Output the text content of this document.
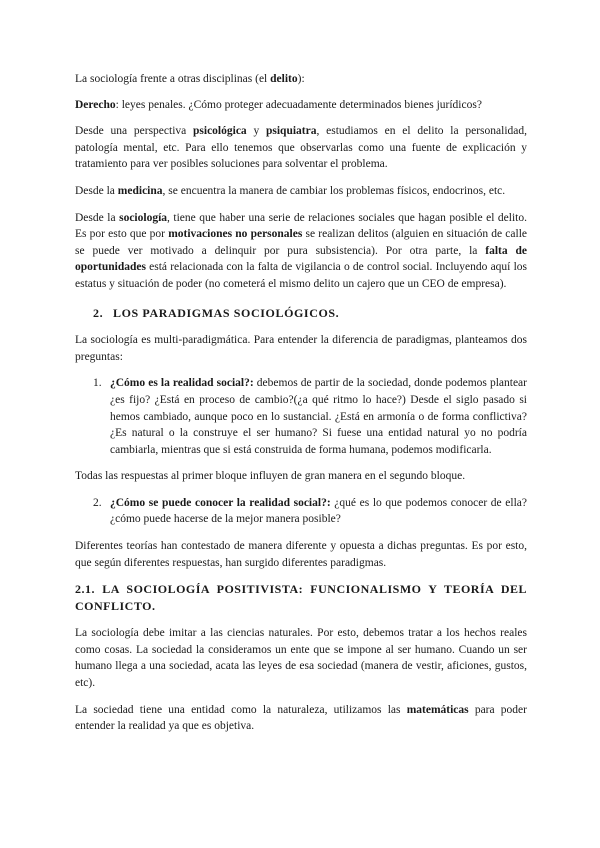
La sociología frente a otras disciplinas (el delito):

Derecho: leyes penales. ¿Cómo proteger adecuadamente determinados bienes jurídicos?

Desde una perspectiva psicológica y psiquiatra, estudiamos en el delito la personalidad, patología mental, etc. Para ello tenemos que observarlas como una fuente de explicación y tratamiento para ver posibles soluciones para solventar el problema.

Desde la medicina, se encuentra la manera de cambiar los problemas físicos, endocrinos, etc.

Desde la sociología, tiene que haber una serie de relaciones sociales que hagan posible el delito. Es por esto que por motivaciones no personales se realizan delitos (alguien en situación de calle se puede ver motivado a delinquir por pura subsistencia). Por otra parte, la falta de oportunidades está relacionada con la falta de vigilancia o de control social. Incluyendo aquí los estatus y situación de poder (no cometerá el mismo delito un cajero que un CEO de empresa).

2. LOS PARADIGMAS SOCIOLÓGICOS.

La sociología es multi-paradigmática. Para entender la diferencia de paradigmas, planteamos dos preguntas:

1. ¿Cómo es la realidad social?: debemos de partir de la sociedad, donde podemos plantear ¿es fijo? ¿Está en proceso de cambio?(¿a qué ritmo lo hace?) Desde el siglo pasado si hemos cambiado, aunque poco en lo sustancial. ¿Está en armonía o de forma conflictiva? ¿Es natural o la construye el ser humano? Si fuese una entidad natural yo no podría cambiarla, mientras que si está construida de forma humana, podemos modificarla.

Todas las respuestas al primer bloque influyen de gran manera en el segundo bloque.

2. ¿Cómo se puede conocer la realidad social?: ¿qué es lo que podemos conocer de ella? ¿cómo puede hacerse de la mejor manera posible?

Diferentes teorías han contestado de manera diferente y opuesta a dichas preguntas. Es por esto, que según diferentes respuestas, han surgido diferentes paradigmas.

2.1. LA SOCIOLOGÍA POSITIVISTA: FUNCIONALISMO Y TEORÍA DEL CONFLICTO.

La sociología debe imitar a las ciencias naturales. Por esto, debemos tratar a los hechos reales como cosas. La sociedad la consideramos un ente que se impone al ser humano. Cuando un ser humano llega a una sociedad, acata las leyes de esa sociedad (manera de vestir, aficiones, gustos, etc).

La sociedad tiene una entidad como la naturaleza, utilizamos las matemáticas para poder entender la realidad ya que es objetiva.
